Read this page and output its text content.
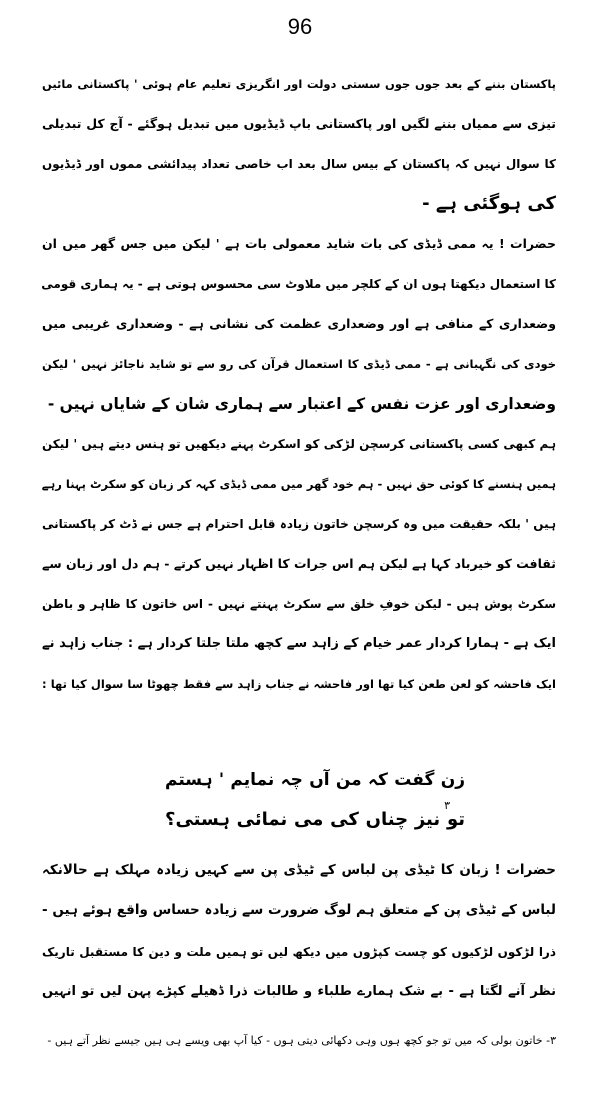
96
پاکستان بننے کے بعد جوں جوں سستی دولت اور انگریزی تعلیم عام ہوئی ' پاکستانی مائیں
تیزی سے ممیاں بننے لگیں اور پاکستانی باپ ڈیڈیوں میں تبدیل ہوگئے - آج کل تبدیلی
کا سوال نہیں کہ پاکستان کے بیس سال بعد اب خاصی تعداد پیدائشی مموں اور ڈیڈیوں
کی ہوگئی ہے -
حضرات ! یہ ممی ڈیڈی کی بات شاید معمولی بات ہے ' لیکن میں جس گھر میں ان
کا استعمال دیکھتا ہوں ان کے کلچر میں ملاوٹ سی محسوس ہوتی ہے - یہ ہماری قومی
وضعداری کے منافی ہے اور وضعداری عظمت کی نشانی ہے - وضعداری غریبی میں
خودی کی نگہبانی ہے - ممی ڈیڈی کا استعمال قرآن کی رو سے تو شاید ناجائز نہیں ' لیکن
وضعداری اور عزت نفس کے اعتبار سے ہماری شان کے شایاں نہیں -
ہم کبھی کسی پاکستانی کرسچن لڑکی کو اسکرٹ پہنے دیکھیں تو ہنس دیتے ہیں ' لیکن
ہمیں ہنسنے کا کوئی حق نہیں - ہم خود گھر میں ممی ڈیڈی کہہ کر زبان کو سکرٹ پہنا رہے
ہیں ' بلکہ حقیقت میں وہ کرسچن خاتون زیادہ قابل احترام ہے جس نے ڈٹ کر پاکستانی
ثقافت کو خیرباد کہا ہے لیکن ہم اس جرات کا اظہار نہیں کرتے - ہم دل اور زبان سے
سکرٹ پوش ہیں - لیکن خوفِ خلق سے سکرٹ پہنتے نہیں - اس خاتون کا ظاہر و باطن
ایک ہے - ہمارا کردار عمر خیام کے زاہد سے کچھ ملتا جلتا کردار ہے : جناب زاہد نے
ایک فاحشہ کو لعن طعن کیا تھا اور فاحشہ نے جناب زاہد سے فقط چھوٹا سا سوال کیا تھا :
زن گفت کہ من آں چہ نمایم ' ہستم
تو نیز چناں کی می نمائی ہستی؟
۳
حضرات ! زبان کا ٹیڈی پن لباس کے ٹیڈی پن سے کہیں زیادہ مہلک ہے حالانکہ
لباس کے ٹیڈی پن کے متعلق ہم لوگ ضرورت سے زیادہ حساس واقع ہوئے ہیں -
ذرا لڑکوں لڑکیوں کو چست کپڑوں میں دیکھ لیں تو ہمیں ملت و دین کا مستقبل تاریک
نظر آنے لگتا ہے - بے شک ہمارے طلباء و طالبات ذرا ڈھیلے کپڑے پہن لیں تو انہیں
۳- خاتون بولی کہ میں تو جو کچھ ہوں وہی دکھائی دیتی ہوں - کیا آپ بھی ویسے ہی ہیں جیسے نظر آتے ہیں -
